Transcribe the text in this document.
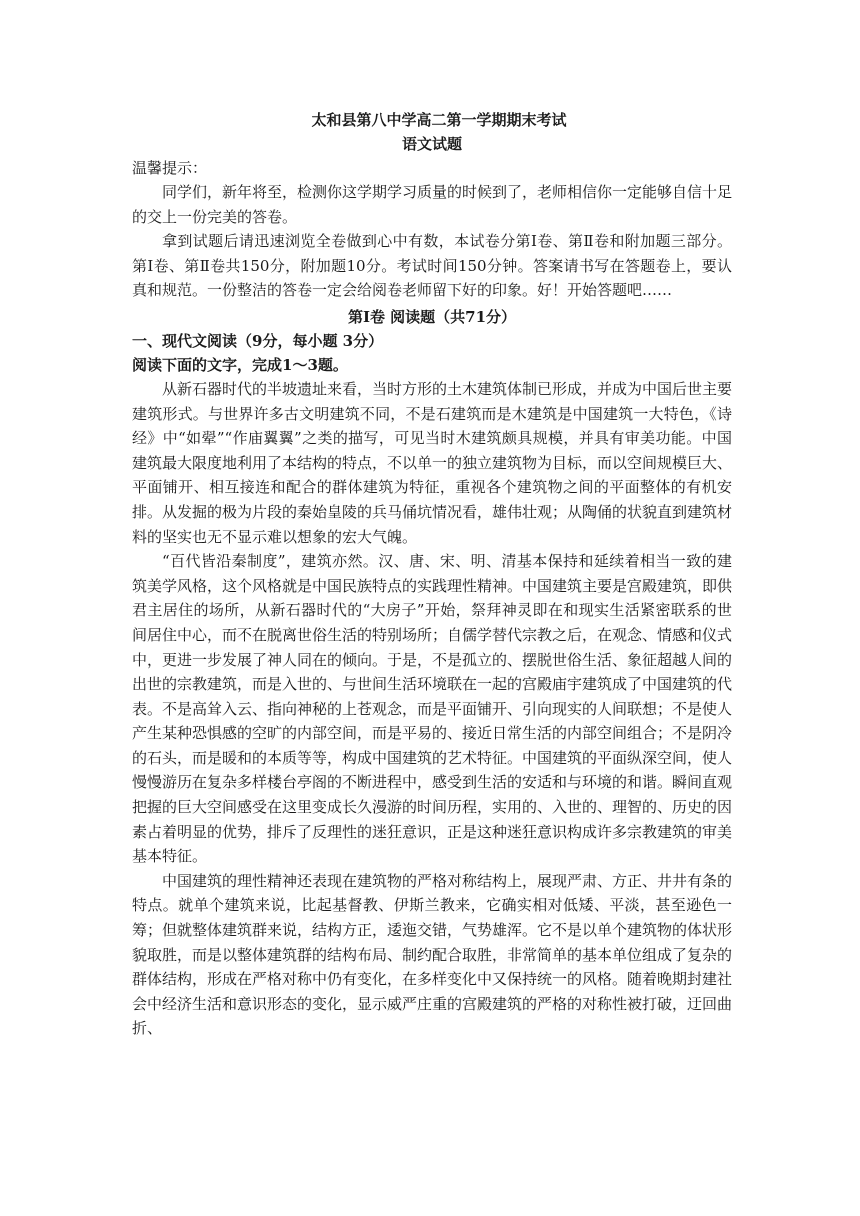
太和县第八中学高二第一学期期末考试

语文试题

温馨提示：

同学们，新年将至，检测你这学期学习质量的时候到了，老师相信你一定能够自信十足的交上一份完美的答卷。

拿到试题后请迅速浏览全卷做到心中有数，本试卷分第Ⅰ卷、第Ⅱ卷和附加题三部分。第Ⅰ卷、第Ⅱ卷共150分，附加题10分。考试时间150分钟。答案请书写在答题卷上，要认真和规范。一份整洁的答卷一定会给阅卷老师留下好的印象。好！开始答题吧……

第Ⅰ卷 阅读题（共71分）

一、现代文阅读（9分，每小题 3分）

阅读下面的文字，完成1～3题。

从新石器时代的半坡遗址来看，当时方形的土木建筑体制已形成，并成为中国后世主要建筑形式。与世界许多古文明建筑不同，不是石建筑而是木建筑是中国建筑一大特色，《诗经》中“如翚”“作庙翼翼”之类的描写，可见当时木建筑颇具规模，并具有审美功能。中国建筑最大限度地利用了本结构的特点，不以单一的独立建筑物为目标，而以空间规模巨大、平面铺开、相互接连和配合的群体建筑为特征，重视各个建筑物之间的平面整体的有机安排。从发掘的极为片段的秦始皇陵的兵马俑坑情况看，雄伟壮观；从陶俑的状貌直到建筑材料的坚实也无不显示难以想象的宏大气魄。

“百代皆沿秦制度”，建筑亦然。汉、唐、宋、明、清基本保持和延续着相当一致的建筑美学风格，这个风格就是中国民族特点的实践理性精神。中国建筑主要是宫殿建筑，即供君主居住的场所，从新石器时代的“大房子”开始，祭拜神灵即在和现实生活紧密联系的世间居住中心，而不在脱离世俗生活的特别场所；自儒学替代宗教之后，在观念、情感和仪式中，更进一步发展了神人同在的倾向。于是，不是孤立的、摆脱世俗生活、象征超越人间的出世的宗教建筑，而是入世的、与世间生活环境联在一起的宫殿庙宇建筑成了中国建筑的代表。不是高耸入云、指向神秘的上苍观念，而是平面铺开、引向现实的人间联想；不是使人产生某种恐惧感的空旷的内部空间，而是平易的、接近日常生活的内部空间组合；不是阴冷的石头，而是暖和的本质等等，构成中国建筑的艺术特征。中国建筑的平面纵深空间，使人慢慢游历在复杂多样楼台亭阁的不断进程中，感受到生活的安适和与环境的和谐。瞬间直观把握的巨大空间感受在这里变成长久漫游的时间历程，实用的、入世的、理智的、历史的因素占着明显的优势，排斥了反理性的迷狂意识，正是这种迷狂意识构成许多宗教建筑的审美基本特征。

中国建筑的理性精神还表现在建筑物的严格对称结构上，展现严肃、方正、井井有条的特点。就单个建筑来说，比起基督教、伊斯兰教来，它确实相对低矮、平淡，甚至逊色一筹；但就整体建筑群来说，结构方正，逶迤交错，气势雄浑。它不是以单个建筑物的体状形貌取胜，而是以整体建筑群的结构布局、制约配合取胜，非常简单的基本单位组成了复杂的群体结构，形成在严格对称中仍有变化，在多样变化中又保持统一的风格。随着晚期封建社会中经济生活和意识形态的变化，显示威严庄重的宫殿建筑的严格的对称性被打破，迂回曲折、
